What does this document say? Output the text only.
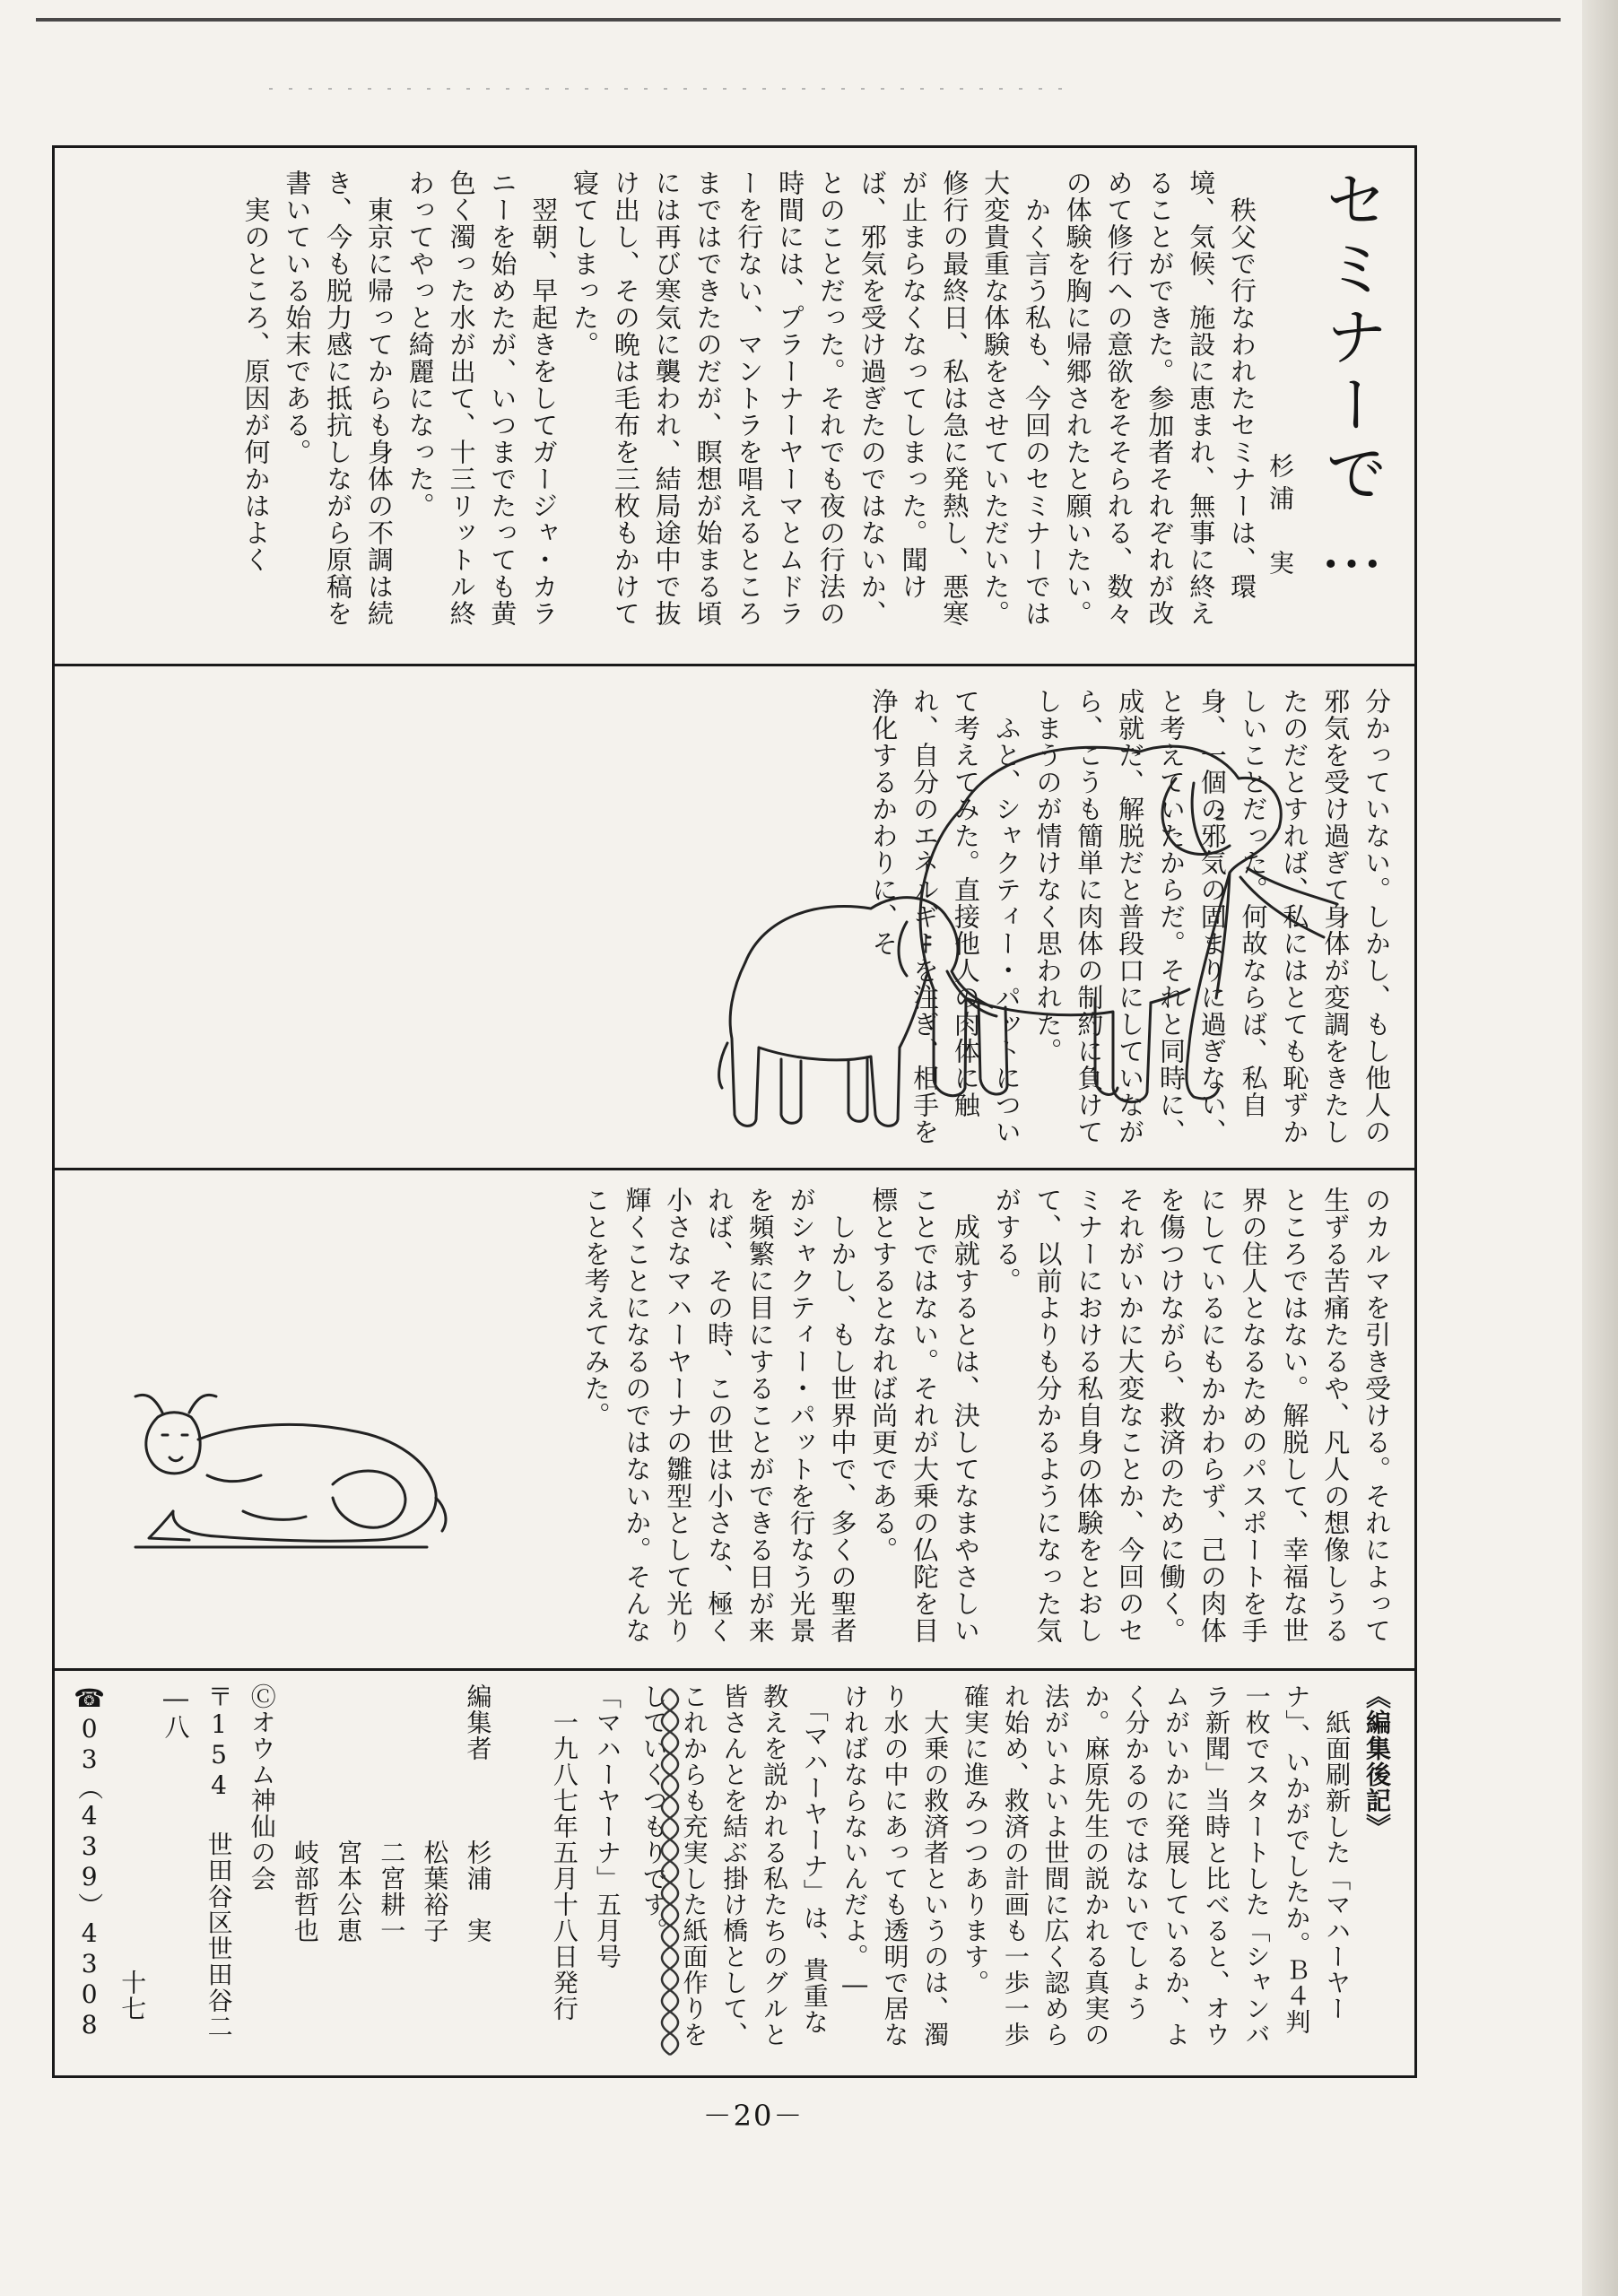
セミナーで…
杉浦　実

　秩父で行なわれたセミナーは、環境、気候、施設に恵まれ、無事に終えることができた。参加者それぞれが改めて修行への意欲をそそられる、数々の体験を胸に帰郷されたと願いたい。
　かく言う私も、今回のセミナーでは大変貴重な体験をさせていただいた。修行の最終日、私は急に発熱し、悪寒が止まらなくなってしまった。聞けば、邪気を受け過ぎたのではないか、とのことだった。それでも夜の行法の時間には、プラーナーヤーマとムドラーを行ない、マントラを唱えるところまではできたのだが、瞑想が始まる頃には再び寒気に襲われ、結局途中で抜け出し、その晩は毛布を三枚もかけて寝てしまった。
　翌朝、早起きをしてガージャ・カラニーを始めたが、いつまでたっても黄色く濁った水が出て、十三リットル終わってやっと綺麗になった。
　東京に帰ってからも身体の不調は続き、今も脱力感に抵抗しながら原稿を書いている始末である。
　実のところ、原因が何かはよく

分かっていない。しかし、もし他人の邪気を受け過ぎて身体が変調をきたしたのだとすれば、私にはとても恥ずかしいことだった。何故ならば、私自身、一個の邪気の固まりに過ぎない、と考えていたからだ。それと同時に、成就だ、解脱だと普段口にしていながら、こうも簡単に肉体の制約に負けてしまうのが情けなく思われた。
　ふと、シャクティー・パットについて考えてみた。直接他人の肉体に触れ、自分のエネルギーを注ぎ、相手を浄化するかわりに、そ

のカルマを引き受ける。それによって生ずる苦痛たるや、凡人の想像しうるところではない。解脱して、幸福な世界の住人となるためのパスポートを手にしているにもかかわらず、己の肉体を傷つけながら、救済のために働く。それがいかに大変なことか、今回のセミナーにおける私自身の体験をとおして、以前よりも分かるようになった気がする。
　成就するとは、決してなまやさしいことではない。それが大乗の仏陀を目標とするとなれば尚更である。
　しかし、もし世界中で、多くの聖者がシャクティー・パットを行なう光景を頻繁に目にすることができる日が来れば、その時、この世は小さな、極く小さなマハーヤーナの雛型として光り輝くことになるのではないか。そんなことを考えてみた。

《編集後記》

　紙面刷新した「マハーヤーナ」、いかがでしたか。Ｂ４判一枚でスタートした「シャンバラ新聞」当時と比べると、オウムがいかに発展しているか、よく分かるのではないでしょうか。麻原先生の説かれる真実の法がいよいよ世間に広く認められ始め、救済の計画も一歩一歩確実に進みつつあります。
　大乗の救済者というのは、濁り水の中にあっても透明で居なければならないんだよ。―
　「マハーヤーナ」は、貴重な教えを説かれる私たちのグルと皆さんとを結ぶ掛け橋として、これからも充実した紙面作りをしていくつもりです。

「マハーヤーナ」五月号

　一九八七年五月十八日発行

編集者　　　杉浦　実

　　　　　　松葉裕子

　　　　　　二宮耕一

　　　　　　宮本公恵

　　　　　　岐部哲也

Ⓒオウム神仙の会

〒154 世田谷区世田谷二―八

　　　　　　　　　　　十七

☎03（439）4308

－20－
